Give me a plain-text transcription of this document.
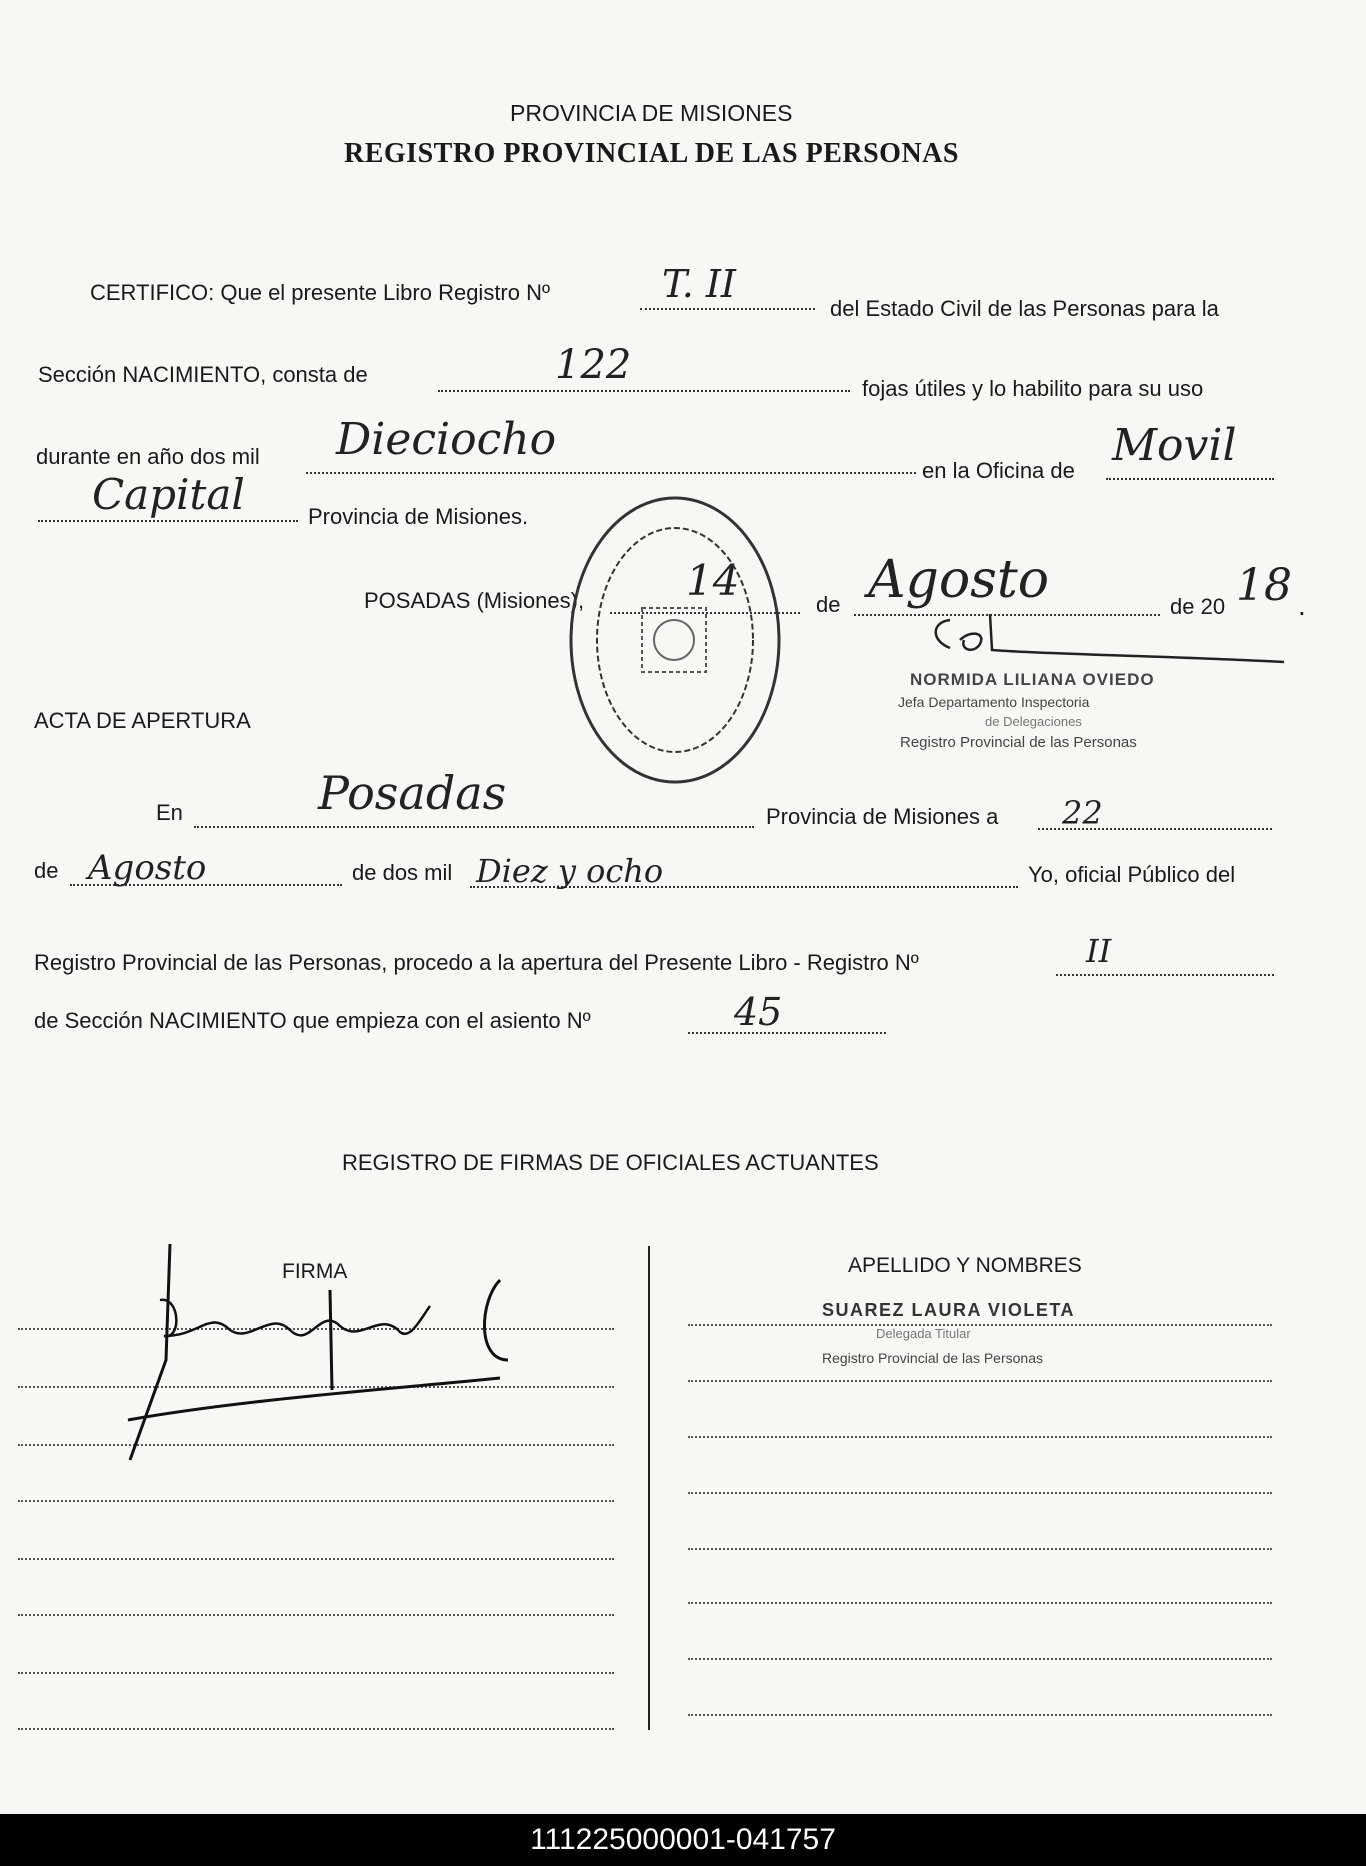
PROVINCIA DE MISIONES
REGISTRO PROVINCIAL DE LAS PERSONAS
CERTIFICO: Que el presente Libro Registro Nº	T. II
del Estado Civil de las Personas para la
Sección NACIMIENTO, consta de	122
fojas útiles y lo habilito para su uso
durante en año dos mil Dieciocho
en la Oficina de Movil
Capital	Provincia de Misiones.
POSADAS (Misiones), 14	de Agosto	de 20 18 .
NORMIDA LILIANA OVIEDO
Jefa Departamento Inspectoria
de Delegaciones
Registro Provincial de las Personas
ACTA DE APERTURA
En	Posadas	Provincia de Misiones a 22
de Agosto	de dos mil Diez y ocho	Yo, oficial Público del
Registro Provincial de las Personas, procedo a la apertura del Presente Libro - Registro Nº	II
de Sección NACIMIENTO que empieza con el asiento Nº	45
REGISTRO DE FIRMAS DE OFICIALES ACTUANTES
FIRMA	APELLIDO Y NOMBRES
SUAREZ LAURA VIOLETA
Delegada Titular
Registro Provincial de las Personas
111225000001-041757
